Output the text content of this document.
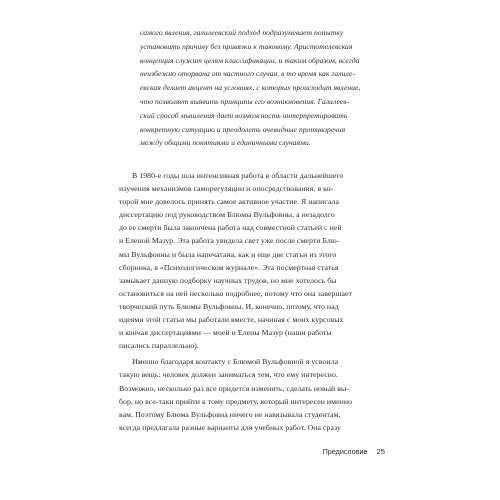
самого явления, галилеевский подход подразумевает попытку
установить причину без привязки к таковому. Аристотелевская
концепция служит целям классификации, и таким образом, всегда
неизбежно оторвана от частного случая, в то время как галиле-
евская делает акцент на условиях, с которых происходит явление,
что позволяет выявить принципы его возникновения. Галилеев-
ский способ мышления дает возможность интерпретировать
конкретную ситуацию и преодолеть очевидные противоречия
между общими понятиями и единичными случаями.
В 1980-е годы шла интенсивная работа в области дальнейшего
изучения механизмов саморегуляции и опосредствования, в ко-
торой мне довелось принять самое активное участие. Я написала
диссертацию под руководством Блюмы Вульфовны, а незадолго
до ее смерти была закончена работа над совместной статьей с ней
и Еленой Мазур. Эта работа увидела свет уже после смерти Блю-
мы Вульфовны и была напечатана, как и еще две статьи из этого
сборника, в «Психологическом журнале». Эта посмертная статья
замыкает данную подборку научных трудов, но мне хотелось бы
остановиться на ней несколько подробнее, потому что она завершает
творческий путь Блюмы Вульфовны. И, конечно, потому, что над
идеями этой статьи мы работали вместе, начиная с моих курсовых
и кончая диссертациями — моей и Елены Мазур (наши работы
писались параллельно).
Именно благодаря контакту с Блюмой Вульфовной я усвоила
такую вещь: человек должен заниматься тем, что ему интересно.
Возможно, несколько раз все придется изменить, сделать новый вы-
бор, но все-таки прийти к тому предмету, который интересен именно
вам. Поэтому Блюма Вульфовна ничего не навязывала студентам,
всегда предлагала разные варианты для учебных работ. Она сразу
Предисловие 25
